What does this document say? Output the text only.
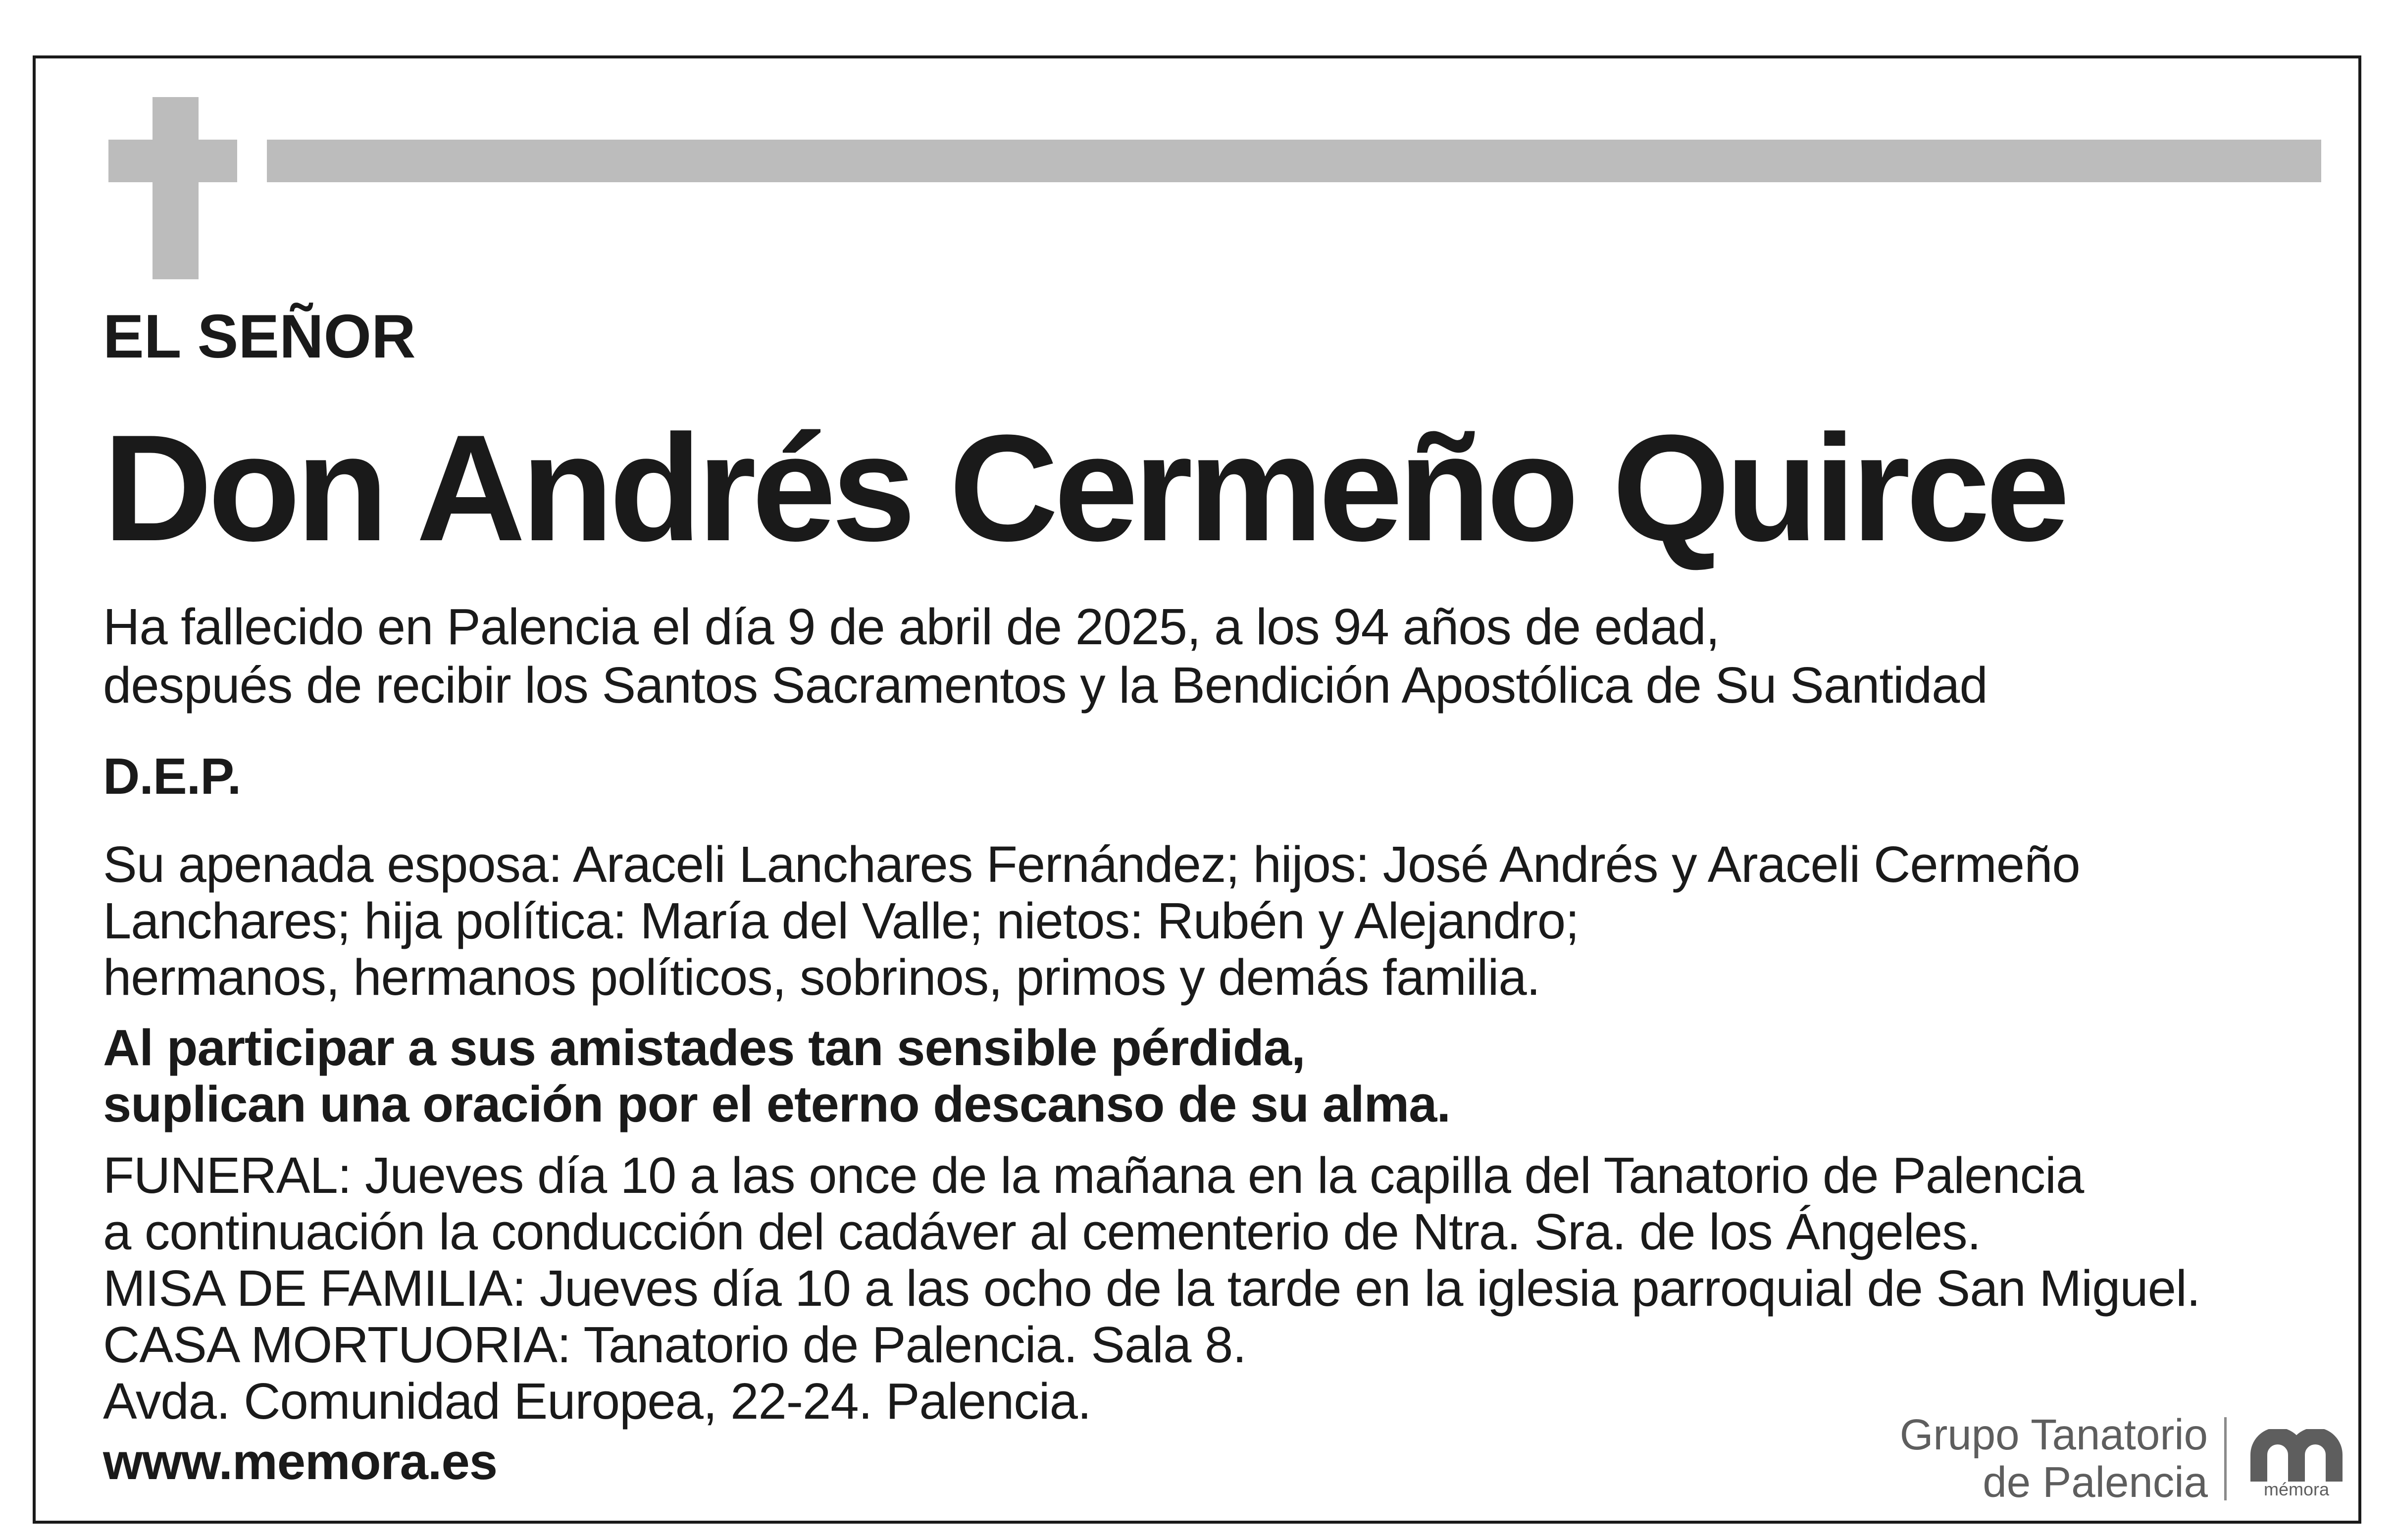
EL SEÑOR

Don Andrés Cermeño Quirce

Ha fallecido en Palencia el día 9 de abril de 2025, a los 94 años de edad,

después de recibir los Santos Sacramentos y la Bendición Apostólica de Su Santidad

D.E.P.

Su apenada esposa: Araceli Lanchares Fernández; hijos: José Andrés y Araceli Cermeño

Lanchares; hija política: María del Valle; nietos: Rubén y Alejandro;

hermanos, hermanos políticos, sobrinos, primos y demás familia.

Al participar a sus amistades tan sensible pérdida,

suplican una oración por el eterno descanso de su alma.

FUNERAL: Jueves día 10 a las once de la mañana en la capilla del Tanatorio de Palencia

a continuación la conducción del cadáver al cementerio de Ntra. Sra. de los Ángeles.

MISA DE FAMILIA: Jueves día 10 a las ocho de la tarde en la iglesia parroquial de San Miguel.

CASA MORTUORIA: Tanatorio de Palencia. Sala 8.

Avda. Comunidad Europea, 22-24. Palencia.

www.memora.es	Grupo Tanatorio
de Palencia	mémora
